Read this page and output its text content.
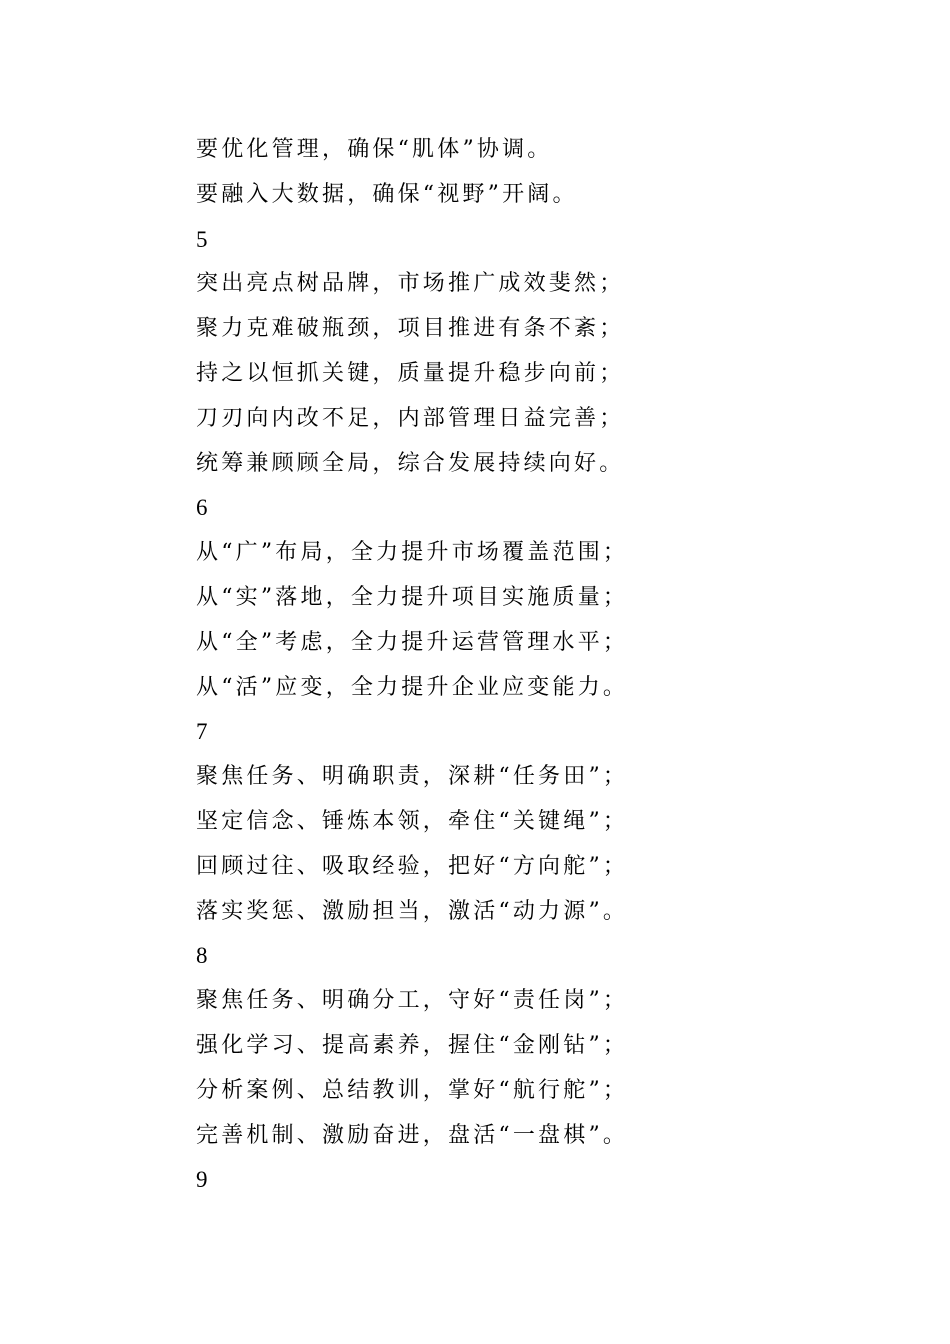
要优化管理，确保“肌体”协调。
要融入大数据，确保“视野”开阔。
5
突出亮点树品牌，市场推广成效斐然；
聚力克难破瓶颈，项目推进有条不紊；
持之以恒抓关键，质量提升稳步向前；
刀刃向内改不足，内部管理日益完善；
统筹兼顾顾全局，综合发展持续向好。
6
从“广”布局，全力提升市场覆盖范围；
从“实”落地，全力提升项目实施质量；
从“全”考虑，全力提升运营管理水平；
从“活”应变，全力提升企业应变能力。
7
聚焦任务、明确职责，深耕“任务田”；
坚定信念、锤炼本领，牵住“关键绳”；
回顾过往、吸取经验，把好“方向舵”；
落实奖惩、激励担当，激活“动力源”。
8
聚焦任务、明确分工，守好“责任岗”；
强化学习、提高素养，握住“金刚钻”；
分析案例、总结教训，掌好“航行舵”；
完善机制、激励奋进，盘活“一盘棋”。
9
